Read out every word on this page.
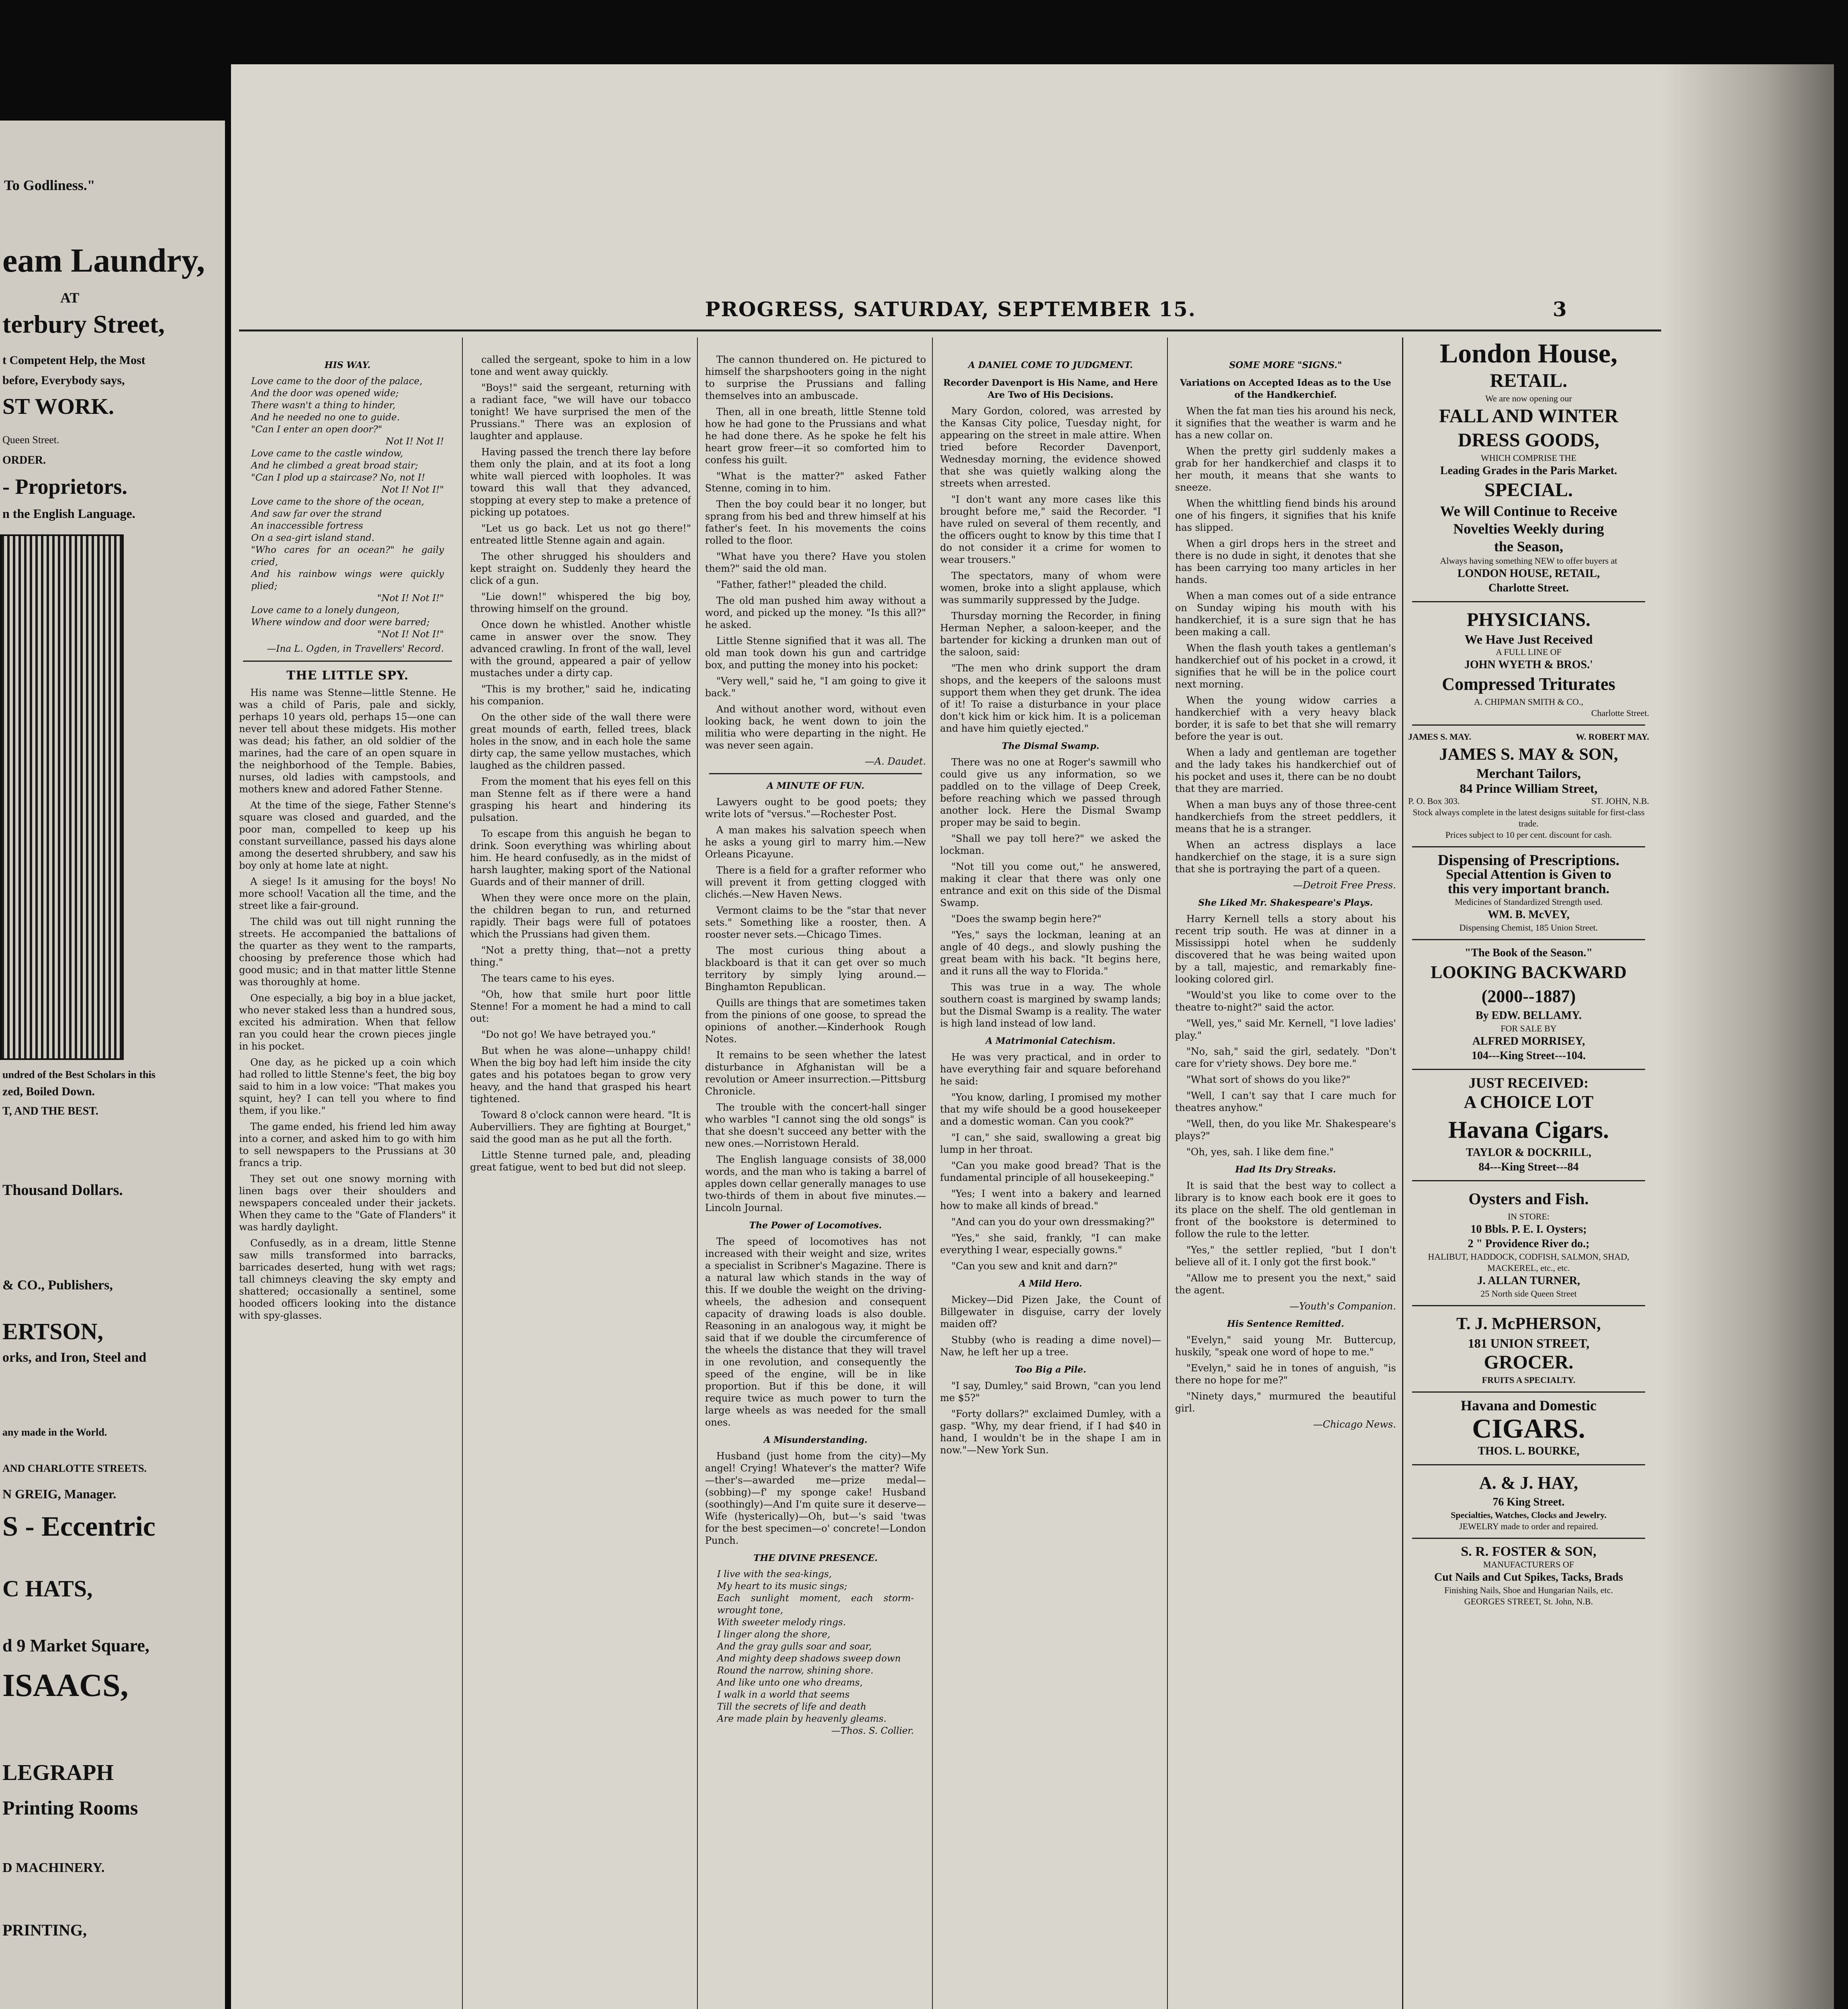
To Godliness."
eam Laundry,
AT
terbury Street,
t Competent Help, the Most
before, Everybody says,
ST WORK.
Queen Street.
ORDER.
- Proprietors.
n the English Language.
undred of the Best Scholars in this
zed, Boiled Down.
T, AND THE BEST.
Thousand Dollars.
& CO., Publishers,
ERTSON,
orks, and Iron, Steel and
any made in the World.
AND CHARLOTTE STREETS.
N GREIG, Manager.
S - Eccentric
C HATS,
d 9 Market Square,
ISAACS,
LEGRAPH
Printing Rooms
D MACHINERY.
PRINTING,
PROGRESS, SATURDAY, SEPTEMBER 15.	3
HIS WAY.
Love came to the door of the palace,
And the door was opened wide;
There wasn't a thing to hinder,
And he needed no one to guide.
"Can I enter an open door?"
Not I! Not I!
Love came to the castle window,
And he climbed a great broad stair;
"Can I plod up a staircase? No, not I!
Not I! Not I!"
Love came to the shore of the ocean,
And saw far over the strand
An inaccessible fortress
On a sea-girt island stand.
"Who cares for an ocean?" he gaily cried,
And his rainbow wings were quickly plied;
"Not I! Not I!"
Love came to a lonely dungeon,
Where window and door were barred;
"Not I! Not I!"
—Ina L. Ogden, in Travellers' Record.
THE LITTLE SPY.

His name was Stenne—little Stenne. He was a child of Paris, pale and sickly, perhaps 10 years old, perhaps 15—one can never tell about these midgets. His mother was dead; his father, an old soldier of the marines, had the care of an open square in the neighborhood of the Temple. Babies, nurses, old ladies with campstools, and mothers knew and adored Father Stenne.

At the time of the siege, Father Stenne's square was closed and guarded, and the poor man, compelled to keep up his constant surveillance, passed his days alone among the deserted shrubbery, and saw his boy only at home late at night.

A siege! Is it amusing for the boys! No more school! Vacation all the time, and the street like a fair-ground.

The child was out till night running the streets. He accompanied the battalions of the quarter as they went to the ramparts, choosing by preference those which had good music; and in that matter little Stenne was thoroughly at home.

One especially, a big boy in a blue jacket, who never staked less than a hundred sous, excited his admiration. When that fellow ran you could hear the crown pieces jingle in his pocket.

One day, as he picked up a coin which had rolled to little Stenne's feet, the big boy said to him in a low voice: "That makes you squint, hey? I can tell you where to find them, if you like."

The game ended, his friend led him away into a corner, and asked him to go with him to sell newspapers to the Prussians at 30 francs a trip.

They set out one snowy morning with linen bags over their shoulders and newspapers concealed under their jackets. When they came to the "Gate of Flanders" it was hardly daylight.

Confusedly, as in a dream, little Stenne saw mills transformed into barracks, barricades deserted, hung with wet rags; tall chimneys cleaving the sky empty and shattered; occasionally a sentinel, some hooded officers looking into the distance with spy-glasses.

called the sergeant, spoke to him in a low tone and went away quickly.

"Boys!" said the sergeant, returning with a radiant face, "we will have our tobacco tonight! We have surprised the men of the Prussians." There was an explosion of laughter and applause.

Having passed the trench there lay before them only the plain, and at its foot a long white wall pierced with loopholes. It was toward this wall that they advanced, stopping at every step to make a pretence of picking up potatoes.

"Let us go back. Let us not go there!" entreated little Stenne again and again.

The other shrugged his shoulders and kept straight on. Suddenly they heard the click of a gun.

"Lie down!" whispered the big boy, throwing himself on the ground.

Once down he whistled. Another whistle came in answer over the snow. They advanced crawling. In front of the wall, level with the ground, appeared a pair of yellow mustaches under a dirty cap.

"This is my brother," said he, indicating his companion.

On the other side of the wall there were great mounds of earth, felled trees, black holes in the snow, and in each hole the same dirty cap, the same yellow mustaches, which laughed as the children passed.

From the moment that his eyes fell on this man Stenne felt as if there were a hand grasping his heart and hindering its pulsation.

To escape from this anguish he began to drink. Soon everything was whirling about him. He heard confusedly, as in the midst of harsh laughter, making sport of the National Guards and of their manner of drill.

When they were once more on the plain, the children began to run, and returned rapidly. Their bags were full of potatoes which the Prussians had given them.

"Not a pretty thing, that—not a pretty thing."

The tears came to his eyes.

"Oh, how that smile hurt poor little Stenne! For a moment he had a mind to call out:

"Do not go! We have betrayed you."

But when he was alone—unhappy child! When the big boy had left him inside the city gates and his potatoes began to grow very heavy, and the hand that grasped his heart tightened.

Toward 8 o'clock cannon were heard. "It is Aubervilliers. They are fighting at Bourget," said the good man as he put all the forth.

Little Stenne turned pale, and, pleading great fatigue, went to bed but did not sleep.

The cannon thundered on. He pictured to himself the sharpshooters going in the night to surprise the Prussians and falling themselves into an ambuscade.

Then, all in one breath, little Stenne told how he had gone to the Prussians and what he had done there. As he spoke he felt his heart grow freer—it so comforted him to confess his guilt.

"What is the matter?" asked Father Stenne, coming in to him.

Then the boy could bear it no longer, but sprang from his bed and threw himself at his father's feet. In his movements the coins rolled to the floor.

"What have you there? Have you stolen them?" said the old man.

"Father, father!" pleaded the child.

The old man pushed him away without a word, and picked up the money. "Is this all?" he asked.

Little Stenne signified that it was all. The old man took down his gun and cartridge box, and putting the money into his pocket:

"Very well," said he, "I am going to give it back."

And without another word, without even looking back, he went down to join the militia who were departing in the night. He was never seen again.

—A. Daudet.
A MINUTE OF FUN.

Lawyers ought to be good poets; they write lots of "versus."—Rochester Post.

A man makes his salvation speech when he asks a young girl to marry him.—New Orleans Picayune.

There is a field for a grafter reformer who will prevent it from getting clogged with clichés.—New Haven News.

Vermont claims to be the "star that never sets." Something like a rooster, then. A rooster never sets.—Chicago Times.

The most curious thing about a blackboard is that it can get over so much territory by simply lying around.—Binghamton Republican.

Quills are things that are sometimes taken from the pinions of one goose, to spread the opinions of another.—Kinderhook Rough Notes.

It remains to be seen whether the latest disturbance in Afghanistan will be a revolution or Ameer insurrection.—Pittsburg Chronicle.

The trouble with the concert-hall singer who warbles "I cannot sing the old songs" is that she doesn't succeed any better with the new ones.—Norristown Herald.

The English language consists of 38,000 words, and the man who is taking a barrel of apples down cellar generally manages to use two-thirds of them in about five minutes.—Lincoln Journal.

The Power of Locomotives.

The speed of locomotives has not increased with their weight and size, writes a specialist in Scribner's Magazine. There is a natural law which stands in the way of this. If we double the weight on the driving-wheels, the adhesion and consequent capacity of drawing loads is also double. Reasoning in an analogous way, it might be said that if we double the circumference of the wheels the distance that they will travel in one revolution, and consequently the speed of the engine, will be in like proportion. But if this be done, it will require twice as much power to turn the large wheels as was needed for the small ones.

A Misunderstanding.

Husband (just home from the city)—My angel! Crying! Whatever's the matter? Wife—ther's—awarded me—prize medal—(sobbing)—f' my sponge cake! Husband (soothingly)—And I'm quite sure it deserve— Wife (hysterically)—Oh, but—'s said 'twas for the best specimen—o' concrete!—London Punch.

THE DIVINE PRESENCE.
I live with the sea-kings,
My heart to its music sings;
Each sunlight moment, each storm-wrought tone,
With sweeter melody rings.
I linger along the shore,
And the gray gulls soar and soar,
And mighty deep shadows sweep down
Round the narrow, shining shore.
And like unto one who dreams,
I walk in a world that seems
Till the secrets of life and death
Are made plain by heavenly gleams.
—Thos. S. Collier.
A DANIEL COME TO JUDGMENT.
Recorder Davenport is His Name, and Here Are Two of His Decisions.

Mary Gordon, colored, was arrested by the Kansas City police, Tuesday night, for appearing on the street in male attire. When tried before Recorder Davenport, Wednesday morning, the evidence showed that she was quietly walking along the streets when arrested.

"I don't want any more cases like this brought before me," said the Recorder. "I have ruled on several of them recently, and the officers ought to know by this time that I do not consider it a crime for women to wear trousers."

The spectators, many of whom were women, broke into a slight applause, which was summarily suppressed by the Judge.

Thursday morning the Recorder, in fining Herman Nepher, a saloon-keeper, and the bartender for kicking a drunken man out of the saloon, said:

"The men who drink support the dram shops, and the keepers of the saloons must support them when they get drunk. The idea of it! To raise a disturbance in your place don't kick him or kick him. It is a policeman and have him quietly ejected."

The Dismal Swamp.

There was no one at Roger's sawmill who could give us any information, so we paddled on to the village of Deep Creek, before reaching which we passed through another lock. Here the Dismal Swamp proper may be said to begin.

"Shall we pay toll here?" we asked the lockman.

"Not till you come out," he answered, making it clear that there was only one entrance and exit on this side of the Dismal Swamp.

"Does the swamp begin here?"

"Yes," says the lockman, leaning at an angle of 40 degs., and slowly pushing the great beam with his back. "It begins here, and it runs all the way to Florida."

This was true in a way. The whole southern coast is margined by swamp lands; but the Dismal Swamp is a reality. The water is high land instead of low land.

A Matrimonial Catechism.

He was very practical, and in order to have everything fair and square beforehand he said:

"You know, darling, I promised my mother that my wife should be a good housekeeper and a domestic woman. Can you cook?"

"I can," she said, swallowing a great big lump in her throat.

"Can you make good bread? That is the fundamental principle of all housekeeping."

"Yes; I went into a bakery and learned how to make all kinds of bread."

"And can you do your own dressmaking?"

"Yes," she said, frankly, "I can make everything I wear, especially gowns."

"Can you sew and knit and darn?"

A Mild Hero.

Mickey—Did Pizen Jake, the Count of Billgewater in disguise, carry der lovely maiden off?

Stubby (who is reading a dime novel)—Naw, he left her up a tree.

Too Big a Pile.

"I say, Dumley," said Brown, "can you lend me $5?"

"Forty dollars?" exclaimed Dumley, with a gasp. "Why, my dear friend, if I had $40 in hand, I wouldn't be in the shape I am in now."—New York Sun.

SOME MORE "SIGNS."
Variations on Accepted Ideas as to the Use of the Handkerchief.

When the fat man ties his around his neck, it signifies that the weather is warm and he has a new collar on.

When the pretty girl suddenly makes a grab for her handkerchief and clasps it to her mouth, it means that she wants to sneeze.

When the whittling fiend binds his around one of his fingers, it signifies that his knife has slipped.

When a girl drops hers in the street and there is no dude in sight, it denotes that she has been carrying too many articles in her hands.

When a man comes out of a side entrance on Sunday wiping his mouth with his handkerchief, it is a sure sign that he has been making a call.

When the flash youth takes a gentleman's handkerchief out of his pocket in a crowd, it signifies that he will be in the police court next morning.

When the young widow carries a handkerchief with a very heavy black border, it is safe to bet that she will remarry before the year is out.

When a lady and gentleman are together and the lady takes his handkerchief out of his pocket and uses it, there can be no doubt that they are married.

When a man buys any of those three-cent handkerchiefs from the street peddlers, it means that he is a stranger.

When an actress displays a lace handkerchief on the stage, it is a sure sign that she is portraying the part of a queen.

—Detroit Free Press.
She Liked Mr. Shakespeare's Plays.

Harry Kernell tells a story about his recent trip south. He was at dinner in a Mississippi hotel when he suddenly discovered that he was being waited upon by a tall, majestic, and remarkably fine-looking colored girl.

"Would'st you like to come over to the theatre to-night?" said the actor.

"Well, yes," said Mr. Kernell, "I love ladies' play."

"No, sah," said the girl, sedately. "Don't care for v'riety shows. Dey bore me."

"What sort of shows do you like?"

"Well, I can't say that I care much for theatres anyhow."

"Well, then, do you like Mr. Shakespeare's plays?"

"Oh, yes, sah. I like dem fine."

Had Its Dry Streaks.

It is said that the best way to collect a library is to know each book ere it goes to its place on the shelf. The old gentleman in front of the bookstore is determined to follow the rule to the letter.

"Yes," the settler replied, "but I don't believe all of it. I only got the first book."

"Allow me to present you the next," said the agent.

—Youth's Companion.
His Sentence Remitted.

"Evelyn," said young Mr. Buttercup, huskily, "speak one word of hope to me."

"Evelyn," said he in tones of anguish, "is there no hope for me?"

"Ninety days," murmured the beautiful girl.

—Chicago News.
London House,
RETAIL.
We are now opening our
FALL AND WINTER
DRESS GOODS,
WHICH COMPRISE THE
Leading Grades in the Paris Market.
SPECIAL.
We Will Continue to Receive
Novelties Weekly during
the Season,
Always having something NEW to offer buyers at
LONDON HOUSE, RETAIL,
Charlotte Street.
PHYSICIANS.
We Have Just Received
A FULL LINE OF
JOHN WYETH & BROS.'
Compressed Triturates
A. CHIPMAN SMITH & CO.,
Charlotte Street.
JAMES S. MAY.	W. ROBERT MAY.
JAMES S. MAY & SON,
Merchant Tailors,
84 Prince William Street,
P. O. Box 303.	ST. JOHN, N.B.
Stock always complete in the latest designs suitable for first-class trade.
Prices subject to 10 per cent. discount for cash.
Dispensing of Prescriptions.
Special Attention is Given to
this very important branch.
Medicines of Standardized Strength used.
WM. B. McVEY,
Dispensing Chemist, 185 Union Street.
"The Book of the Season."
LOOKING BACKWARD
(2000--1887)
By EDW. BELLAMY.
FOR SALE BY
ALFRED MORRISEY,
104---King Street---104.
JUST RECEIVED:
A CHOICE LOT
Havana Cigars.
TAYLOR & DOCKRILL,
84---King Street---84
Oysters and Fish.
IN STORE:
10 Bbls. P. E. I. Oysters;
2 " Providence River do.;
HALIBUT, HADDOCK, CODFISH, SALMON, SHAD, MACKEREL, etc., etc.
J. ALLAN TURNER,
25 North side Queen Street
T. J. McPHERSON,
181 UNION STREET,
GROCER.
FRUITS A SPECIALTY.
Havana and Domestic
CIGARS.
THOS. L. BOURKE,
A. & J. HAY,
76 King Street.
Specialties, Watches, Clocks and Jewelry.
JEWELRY made to order and repaired.
S. R. FOSTER & SON,
MANUFACTURERS OF
Cut Nails and Cut Spikes, Tacks, Brads
Finishing Nails, Shoe and Hungarian Nails, etc.
GEORGES STREET, St. John, N.B.
